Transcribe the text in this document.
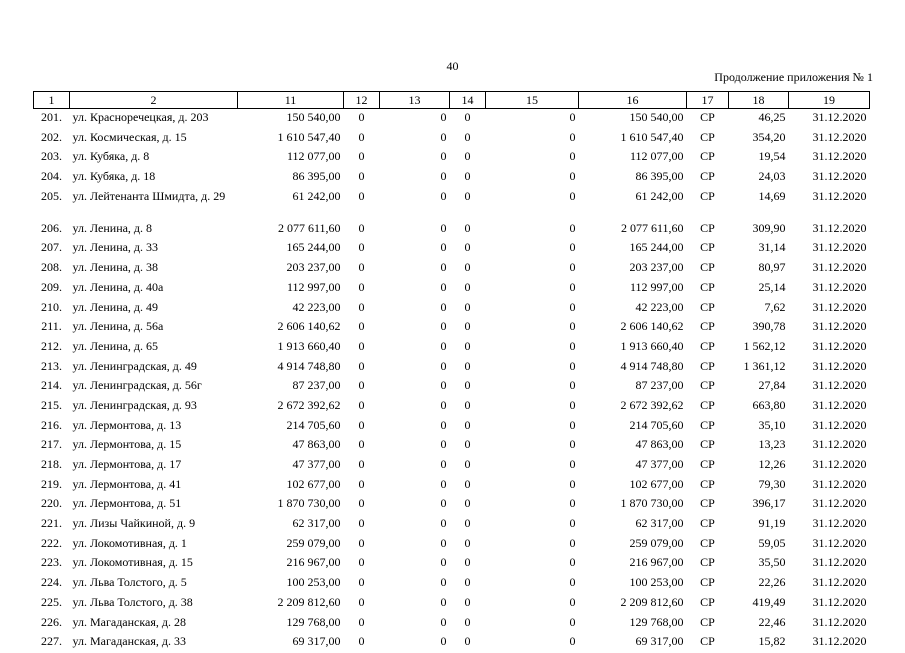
40
Продолжение приложения № 1
1	2	11	12	13	14	15	16	17	18	19
201.	ул. Красноречецкая, д. 203	150 540,00	0	0	0	0	150 540,00	СР	46,25	31.12.2020
202.	ул. Космическая, д. 15	1 610 547,40	0	0	0	0	1 610 547,40	СР	354,20	31.12.2020
203.	ул. Кубяка, д. 8	112 077,00	0	0	0	0	112 077,00	СР	19,54	31.12.2020
204.	ул. Кубяка, д. 18	86 395,00	0	0	0	0	86 395,00	СР	24,03	31.12.2020
205.	ул. Лейтенанта Шмидта, д. 29	61 242,00	0	0	0	0	61 242,00	СР	14,69	31.12.2020
206.	ул. Ленина, д. 8	2 077 611,60	0	0	0	0	2 077 611,60	СР	309,90	31.12.2020
207.	ул. Ленина, д. 33	165 244,00	0	0	0	0	165 244,00	СР	31,14	31.12.2020
208.	ул. Ленина, д. 38	203 237,00	0	0	0	0	203 237,00	СР	80,97	31.12.2020
209.	ул. Ленина, д. 40а	112 997,00	0	0	0	0	112 997,00	СР	25,14	31.12.2020
210.	ул. Ленина, д. 49	42 223,00	0	0	0	0	42 223,00	СР	7,62	31.12.2020
211.	ул. Ленина, д. 56а	2 606 140,62	0	0	0	0	2 606 140,62	СР	390,78	31.12.2020
212.	ул. Ленина, д. 65	1 913 660,40	0	0	0	0	1 913 660,40	СР	1 562,12	31.12.2020
213.	ул. Ленинградская, д. 49	4 914 748,80	0	0	0	0	4 914 748,80	СР	1 361,12	31.12.2020
214.	ул. Ленинградская, д. 56г	87 237,00	0	0	0	0	87 237,00	СР	27,84	31.12.2020
215.	ул. Ленинградская, д. 93	2 672 392,62	0	0	0	0	2 672 392,62	СР	663,80	31.12.2020
216.	ул. Лермонтова, д. 13	214 705,60	0	0	0	0	214 705,60	СР	35,10	31.12.2020
217.	ул. Лермонтова, д. 15	47 863,00	0	0	0	0	47 863,00	СР	13,23	31.12.2020
218.	ул. Лермонтова, д. 17	47 377,00	0	0	0	0	47 377,00	СР	12,26	31.12.2020
219.	ул. Лермонтова, д. 41	102 677,00	0	0	0	0	102 677,00	СР	79,30	31.12.2020
220.	ул. Лермонтова, д. 51	1 870 730,00	0	0	0	0	1 870 730,00	СР	396,17	31.12.2020
221.	ул. Лизы Чайкиной, д. 9	62 317,00	0	0	0	0	62 317,00	СР	91,19	31.12.2020
222.	ул. Локомотивная, д. 1	259 079,00	0	0	0	0	259 079,00	СР	59,05	31.12.2020
223.	ул. Локомотивная, д. 15	216 967,00	0	0	0	0	216 967,00	СР	35,50	31.12.2020
224.	ул. Льва Толстого, д. 5	100 253,00	0	0	0	0	100 253,00	СР	22,26	31.12.2020
225.	ул. Льва Толстого, д. 38	2 209 812,60	0	0	0	0	2 209 812,60	СР	419,49	31.12.2020
226.	ул. Магаданская, д. 28	129 768,00	0	0	0	0	129 768,00	СР	22,46	31.12.2020
227.	ул. Магаданская, д. 33	69 317,00	0	0	0	0	69 317,00	СР	15,82	31.12.2020
